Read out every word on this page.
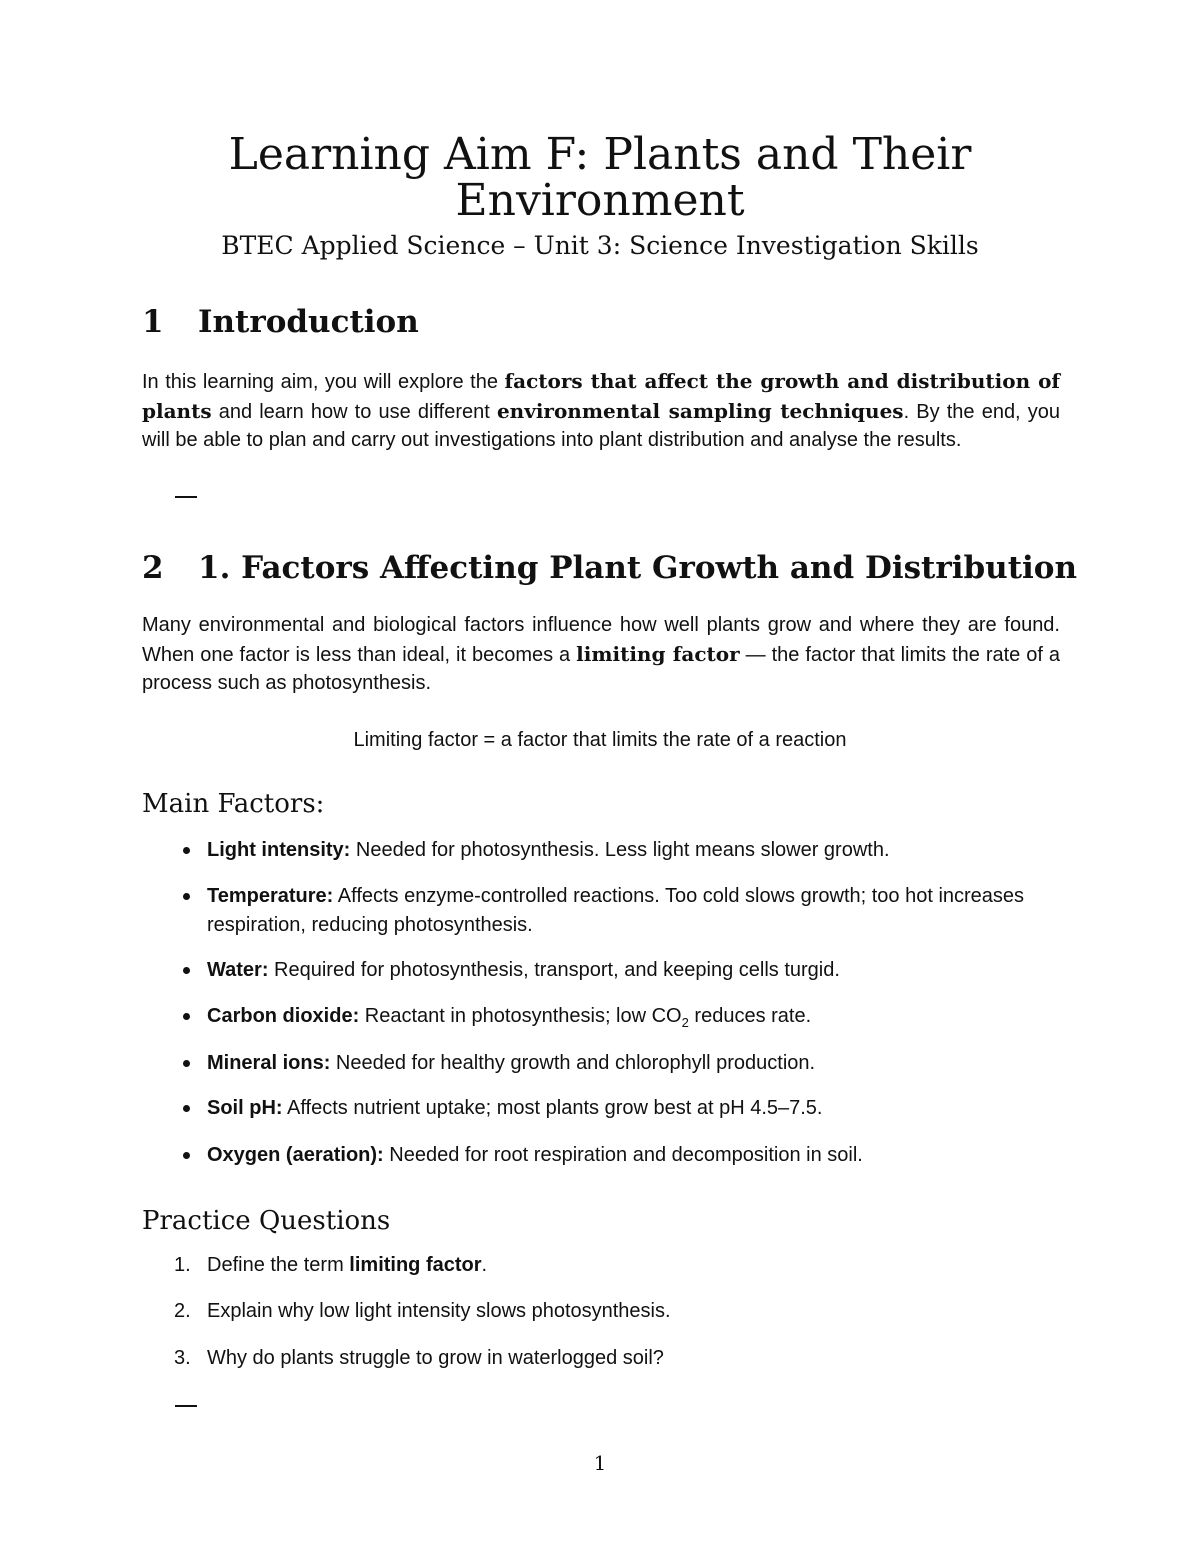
Learning Aim F: Plants and Their
Environment
BTEC Applied Science – Unit 3: Science Investigation Skills
1 Introduction
In this learning aim, you will explore the factors that affect the growth and distribution of plants and learn how to use different environmental sampling techniques. By the end, you will be able to plan and carry out investigations into plant distribution and analyse the results.
2 1. Factors Affecting Plant Growth and Distribution
Many environmental and biological factors influence how well plants grow and where they are found. When one factor is less than ideal, it becomes a limiting factor — the factor that limits the rate of a process such as photosynthesis.
Limiting factor = a factor that limits the rate of a reaction
Main Factors:
Light intensity: Needed for photosynthesis. Less light means slower growth.
Temperature: Affects enzyme-controlled reactions. Too cold slows growth; too hot increases respiration, reducing photosynthesis.
Water: Required for photosynthesis, transport, and keeping cells turgid.
Carbon dioxide: Reactant in photosynthesis; low $CO_2$ reduces rate.
Mineral ions: Needed for healthy growth and chlorophyll production.
Soil pH: Affects nutrient uptake; most plants grow best at pH 4.5–7.5.
Oxygen (aeration): Needed for root respiration and decomposition in soil.
Practice Questions
1. Define the term limiting factor.
2. Explain why low light intensity slows photosynthesis.
3. Why do plants struggle to grow in waterlogged soil?
1
